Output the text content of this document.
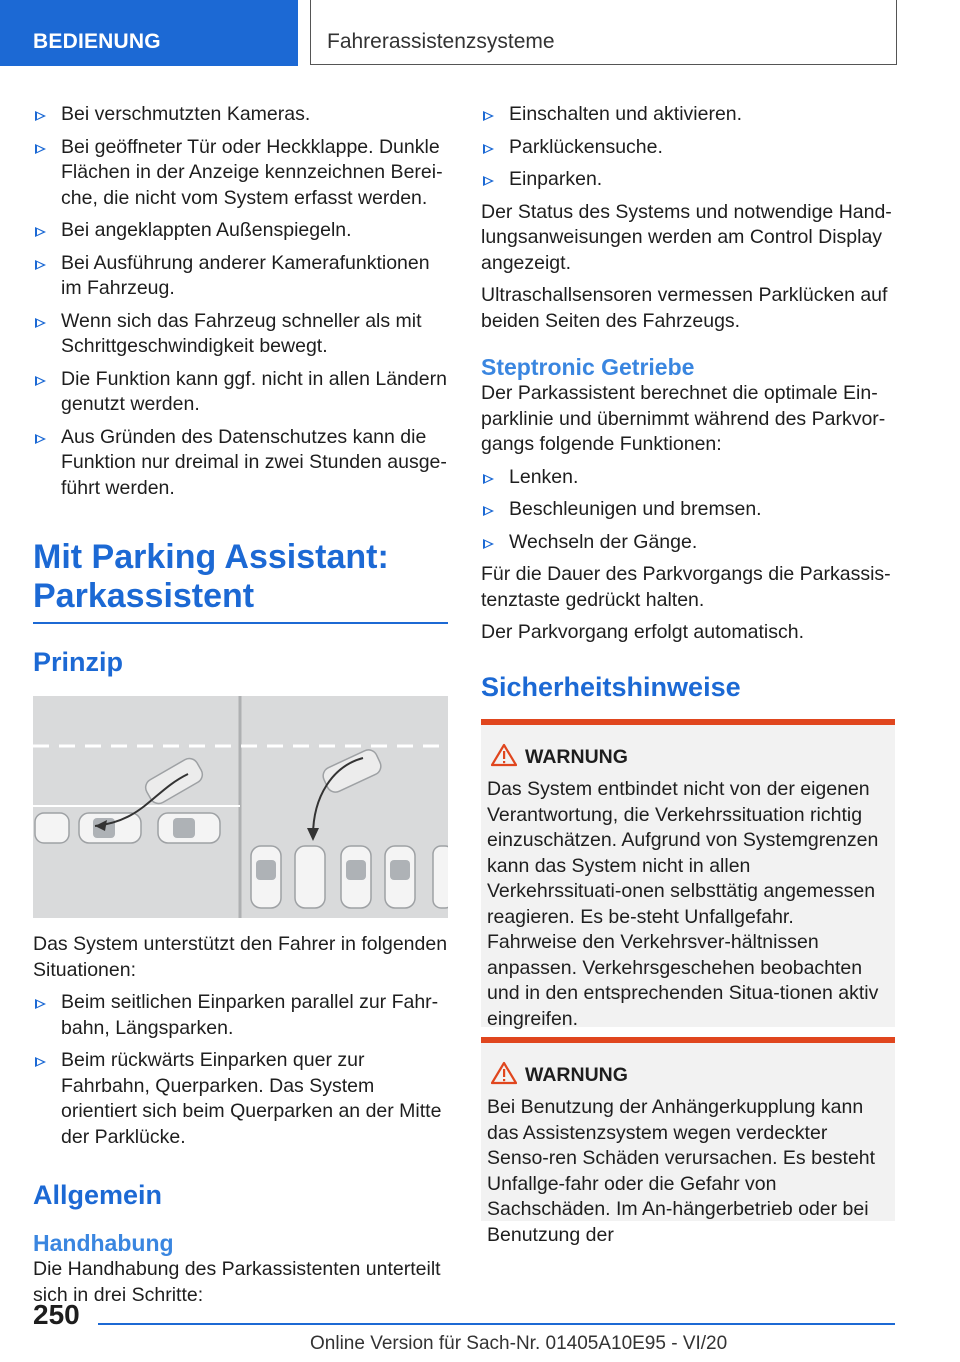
BEDIENUNG	Fahrerassistenzsysteme
Bei verschmutzten Kameras.
Bei geöffneter Tür oder Heckklappe. Dunkle Flächen in der Anzeige kennzeichnen Berei-che, die nicht vom System erfasst werden.
Bei angeklappten Außenspiegeln.
Bei Ausführung anderer Kamerafunktionen im Fahrzeug.
Wenn sich das Fahrzeug schneller als mit Schrittgeschwindigkeit bewegt.
Die Funktion kann ggf. nicht in allen Ländern genutzt werden.
Aus Gründen des Datenschutzes kann die Funktion nur dreimal in zwei Stunden ausge-führt werden.
Mit Parking Assistant:
Parkassistent
Prinzip
Das System unterstützt den Fahrer in folgenden Situationen:
Beim seitlichen Einparken parallel zur Fahr-bahn, Längsparken.
Beim rückwärts Einparken quer zur Fahrbahn, Querparken. Das System orientiert sich beim Querparken an der Mitte der Parklücke.
Allgemein
Handhabung
Die Handhabung des Parkassistenten unterteilt sich in drei Schritte:
Einschalten und aktivieren.
Parklückensuche.
Einparken.
Der Status des Systems und notwendige Hand-lungsanweisungen werden am Control Display angezeigt.
Ultraschallsensoren vermessen Parklücken auf beiden Seiten des Fahrzeugs.
Steptronic Getriebe
Der Parkassistent berechnet die optimale Ein-parklinie und übernimmt während des Parkvor-gangs folgende Funktionen:
Lenken.
Beschleunigen und bremsen.
Wechseln der Gänge.
Für die Dauer des Parkvorgangs die Parkassis-tenztaste gedrückt halten.
Der Parkvorgang erfolgt automatisch.
Sicherheitshinweise
WARNUNG
Das System entbindet nicht von der eigenen Verantwortung, die Verkehrssituation richtig einzuschätzen. Aufgrund von Systemgrenzen kann das System nicht in allen Verkehrssituati-onen selbsttätig angemessen reagieren. Es be-steht Unfallgefahr. Fahrweise den Verkehrsver-hältnissen anpassen. Verkehrsgeschehen beobachten und in den entsprechenden Situa-tionen aktiv eingreifen.
WARNUNG
Bei Benutzung der Anhängerkupplung kann das Assistenzsystem wegen verdeckter Senso-ren Schäden verursachen. Es besteht Unfallge-fahr oder die Gefahr von Sachschäden. Im An-hängerbetrieb oder bei Benutzung der
250
Online Version für Sach-Nr. 01405A10E95 - VI/20
